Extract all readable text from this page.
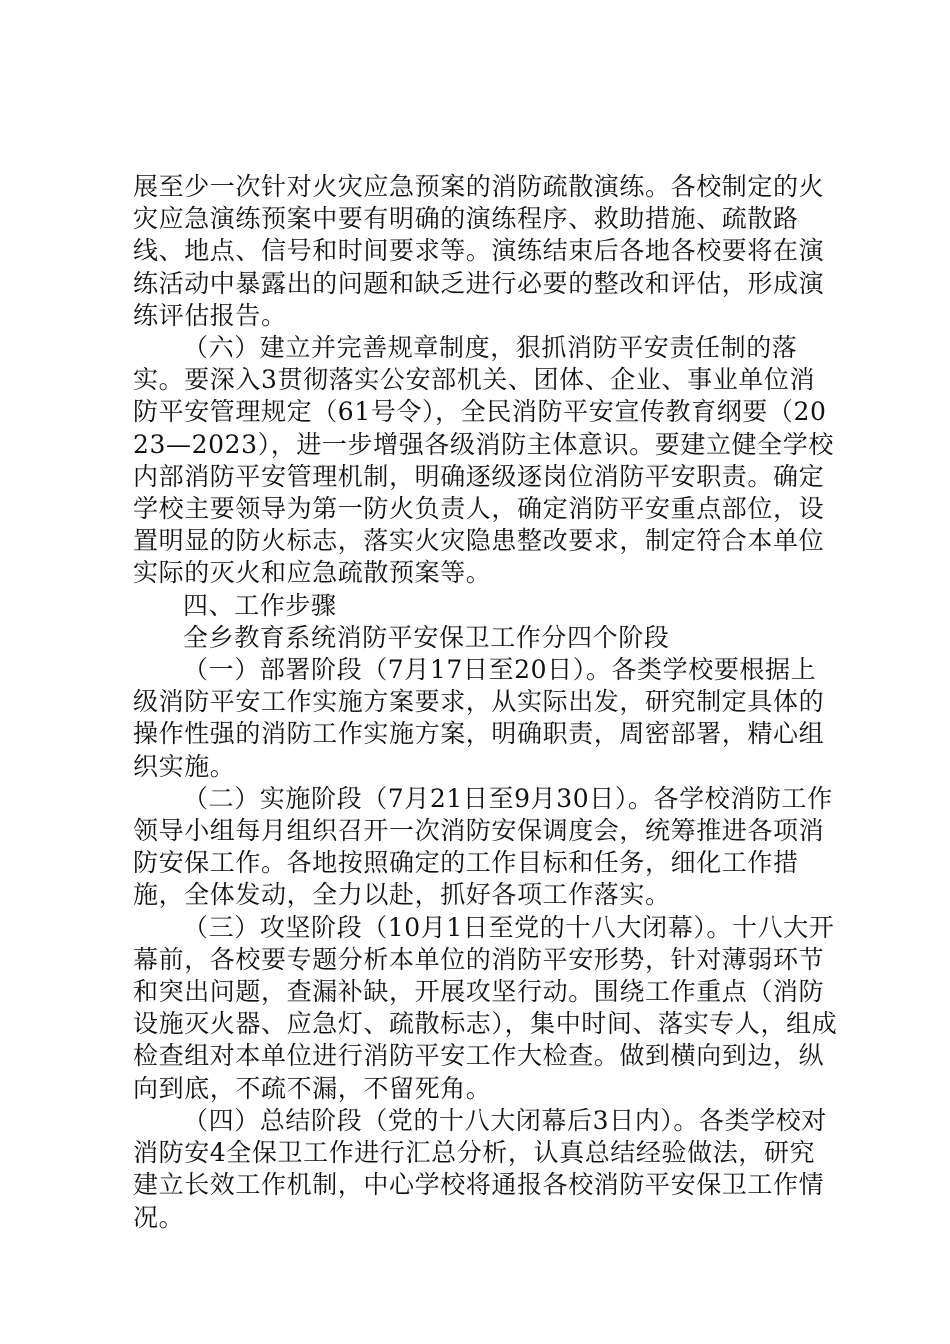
展至少一次针对火灾应急预案的消防疏散演练。各校制定的火灾应急演练预案中要有明确的演练程序、救助措施、疏散路线、地点、信号和时间要求等。演练结束后各地各校要将在演练活动中暴露出的问题和缺乏进行必要的整改和评估，形成演练评估报告。

（六）建立并完善规章制度，狠抓消防平安责任制的落实。要深入3贯彻落实公安部机关、团体、企业、事业单位消防平安管理规定（61号令），全民消防平安宣传教育纲要（2023—2023），进一步增强各级消防主体意识。要建立健全学校内部消防平安管理机制，明确逐级逐岗位消防平安职责。确定学校主要领导为第一防火负责人，确定消防平安重点部位，设置明显的防火标志，落实火灾隐患整改要求，制定符合本单位实际的灭火和应急疏散预案等。

四、工作步骤

全乡教育系统消防平安保卫工作分四个阶段

（一）部署阶段（7月17日至20日）。各类学校要根据上级消防平安工作实施方案要求，从实际出发，研究制定具体的操作性强的消防工作实施方案，明确职责，周密部署，精心组织实施。

（二）实施阶段（7月21日至9月30日）。各学校消防工作领导小组每月组织召开一次消防安保调度会，统筹推进各项消防安保工作。各地按照确定的工作目标和任务，细化工作措施，全体发动，全力以赴，抓好各项工作落实。

（三）攻坚阶段（10月1日至党的十八大闭幕）。十八大开幕前，各校要专题分析本单位的消防平安形势，针对薄弱环节和突出问题，查漏补缺，开展攻坚行动。围绕工作重点（消防设施灭火器、应急灯、疏散标志），集中时间、落实专人，组成检查组对本单位进行消防平安工作大检查。做到横向到边，纵向到底，不疏不漏，不留死角。

（四）总结阶段（党的十八大闭幕后3日内）。各类学校对消防安4全保卫工作进行汇总分析，认真总结经验做法，研究建立长效工作机制，中心学校将通报各校消防平安保卫工作情况。
